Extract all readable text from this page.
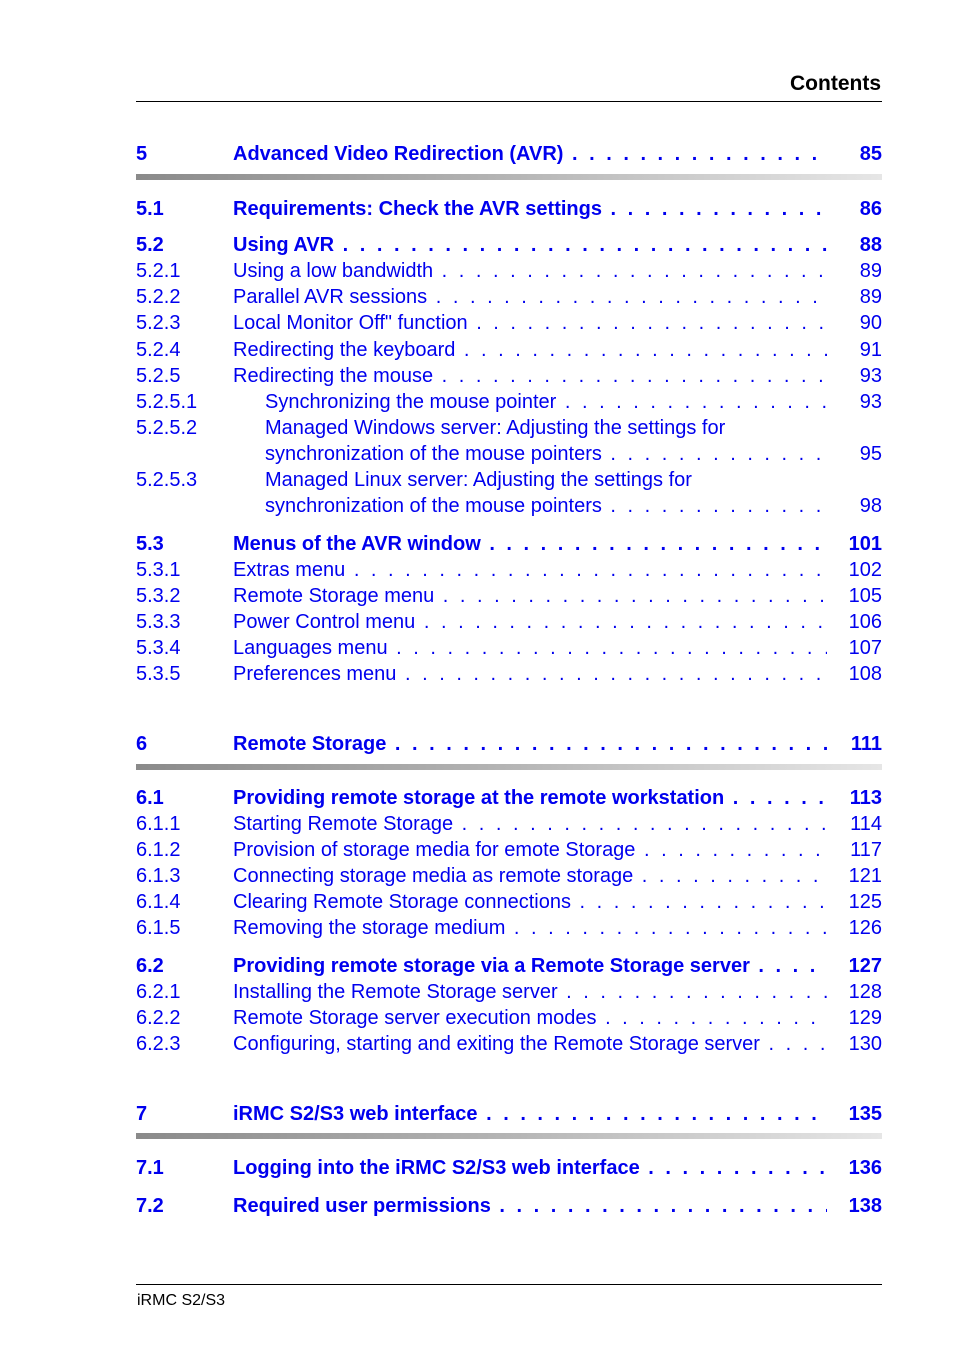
Contents
5	Advanced Video Redirection (AVR) . . .	85
5.1	Requirements: Check the AVR settings . . .	86
5.2	Using AVR . . .	88
5.2.1	Using a low bandwidth . . .	89
5.2.2	Parallel AVR sessions . . .	89
5.2.3	Local Monitor Off" function . . .	90
5.2.4	Redirecting the keyboard . . .	91
5.2.5	Redirecting the mouse . . .	93
5.2.5.1	Synchronizing the mouse pointer . . .	93
5.2.5.2	Managed Windows server: Adjusting the settings for
synchronization of the mouse pointers . . .	95
5.2.5.3	Managed Linux server: Adjusting the settings for
synchronization of the mouse pointers . . .	98
5.3	Menus of the AVR window . . .	101
5.3.1	Extras menu . . .	102
5.3.2	Remote Storage menu . . .	105
5.3.3	Power Control menu . . .	106
5.3.4	Languages menu . . .	107
5.3.5	Preferences menu . . .	108
6	Remote Storage . . .	111
6.1	Providing remote storage at the remote workstation . . .	113
6.1.1	Starting Remote Storage . . .	114
6.1.2	Provision of storage media for emote Storage . . .	117
6.1.3	Connecting storage media as remote storage . . .	121
6.1.4	Clearing Remote Storage connections . . .	125
6.1.5	Removing the storage medium . . .	126
6.2	Providing remote storage via a Remote Storage server . . .	127
6.2.1	Installing the Remote Storage server . . .	128
6.2.2	Remote Storage server execution modes . . .	129
6.2.3	Configuring, starting and exiting the Remote Storage server . . .	130
7	iRMC S2/S3 web interface . . .	135
7.1	Logging into the iRMC S2/S3 web interface . . .	136
7.2	Required user permissions . . .	138
iRMC S2/S3
